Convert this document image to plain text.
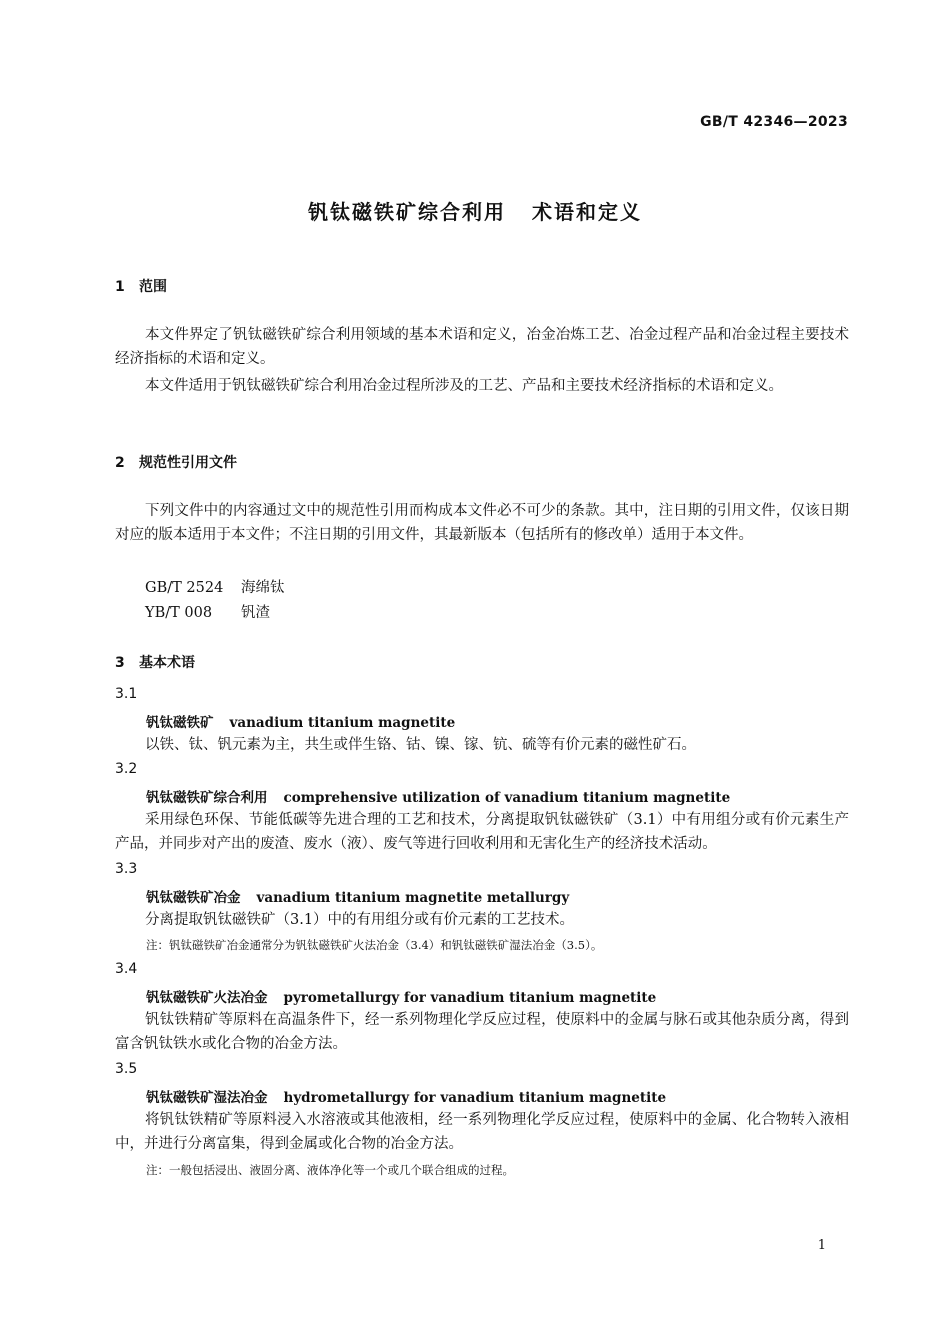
GB/T 42346—2023
钒钛磁铁矿综合利用 术语和定义
1 范围
本文件界定了钒钛磁铁矿综合利用领域的基本术语和定义，冶金冶炼工艺、冶金过程产品和冶金过程主要技术经济指标的术语和定义。
本文件适用于钒钛磁铁矿综合利用冶金过程所涉及的工艺、产品和主要技术经济指标的术语和定义。
2 规范性引用文件
下列文件中的内容通过文中的规范性引用而构成本文件必不可少的条款。其中，注日期的引用文件，仅该日期对应的版本适用于本文件；不注日期的引用文件，其最新版本（包括所有的修改单）适用于本文件。
GB/T 2524 海绵钛
YB/T 008 钒渣
3 基本术语
3.1
钒钛磁铁矿 vanadium titanium magnetite
以铁、钛、钒元素为主，共生或伴生铬、钴、镍、镓、钪、硫等有价元素的磁性矿石。
3.2
钒钛磁铁矿综合利用 comprehensive utilization of vanadium titanium magnetite
采用绿色环保、节能低碳等先进合理的工艺和技术，分离提取钒钛磁铁矿（3.1）中有用组分或有价元素生产产品，并同步对产出的废渣、废水（液）、废气等进行回收利用和无害化生产的经济技术活动。
3.3
钒钛磁铁矿冶金 vanadium titanium magnetite metallurgy
分离提取钒钛磁铁矿（3.1）中的有用组分或有价元素的工艺技术。
注：钒钛磁铁矿冶金通常分为钒钛磁铁矿火法冶金（3.4）和钒钛磁铁矿湿法冶金（3.5）。
3.4
钒钛磁铁矿火法冶金 pyrometallurgy for vanadium titanium magnetite
钒钛铁精矿等原料在高温条件下，经一系列物理化学反应过程，使原料中的金属与脉石或其他杂质分离，得到富含钒钛铁水或化合物的冶金方法。
3.5
钒钛磁铁矿湿法冶金 hydrometallurgy for vanadium titanium magnetite
将钒钛铁精矿等原料浸入水溶液或其他液相，经一系列物理化学反应过程，使原料中的金属、化合物转入液相中，并进行分离富集，得到金属或化合物的冶金方法。
注：一般包括浸出、液固分离、液体净化等一个或几个联合组成的过程。
1
